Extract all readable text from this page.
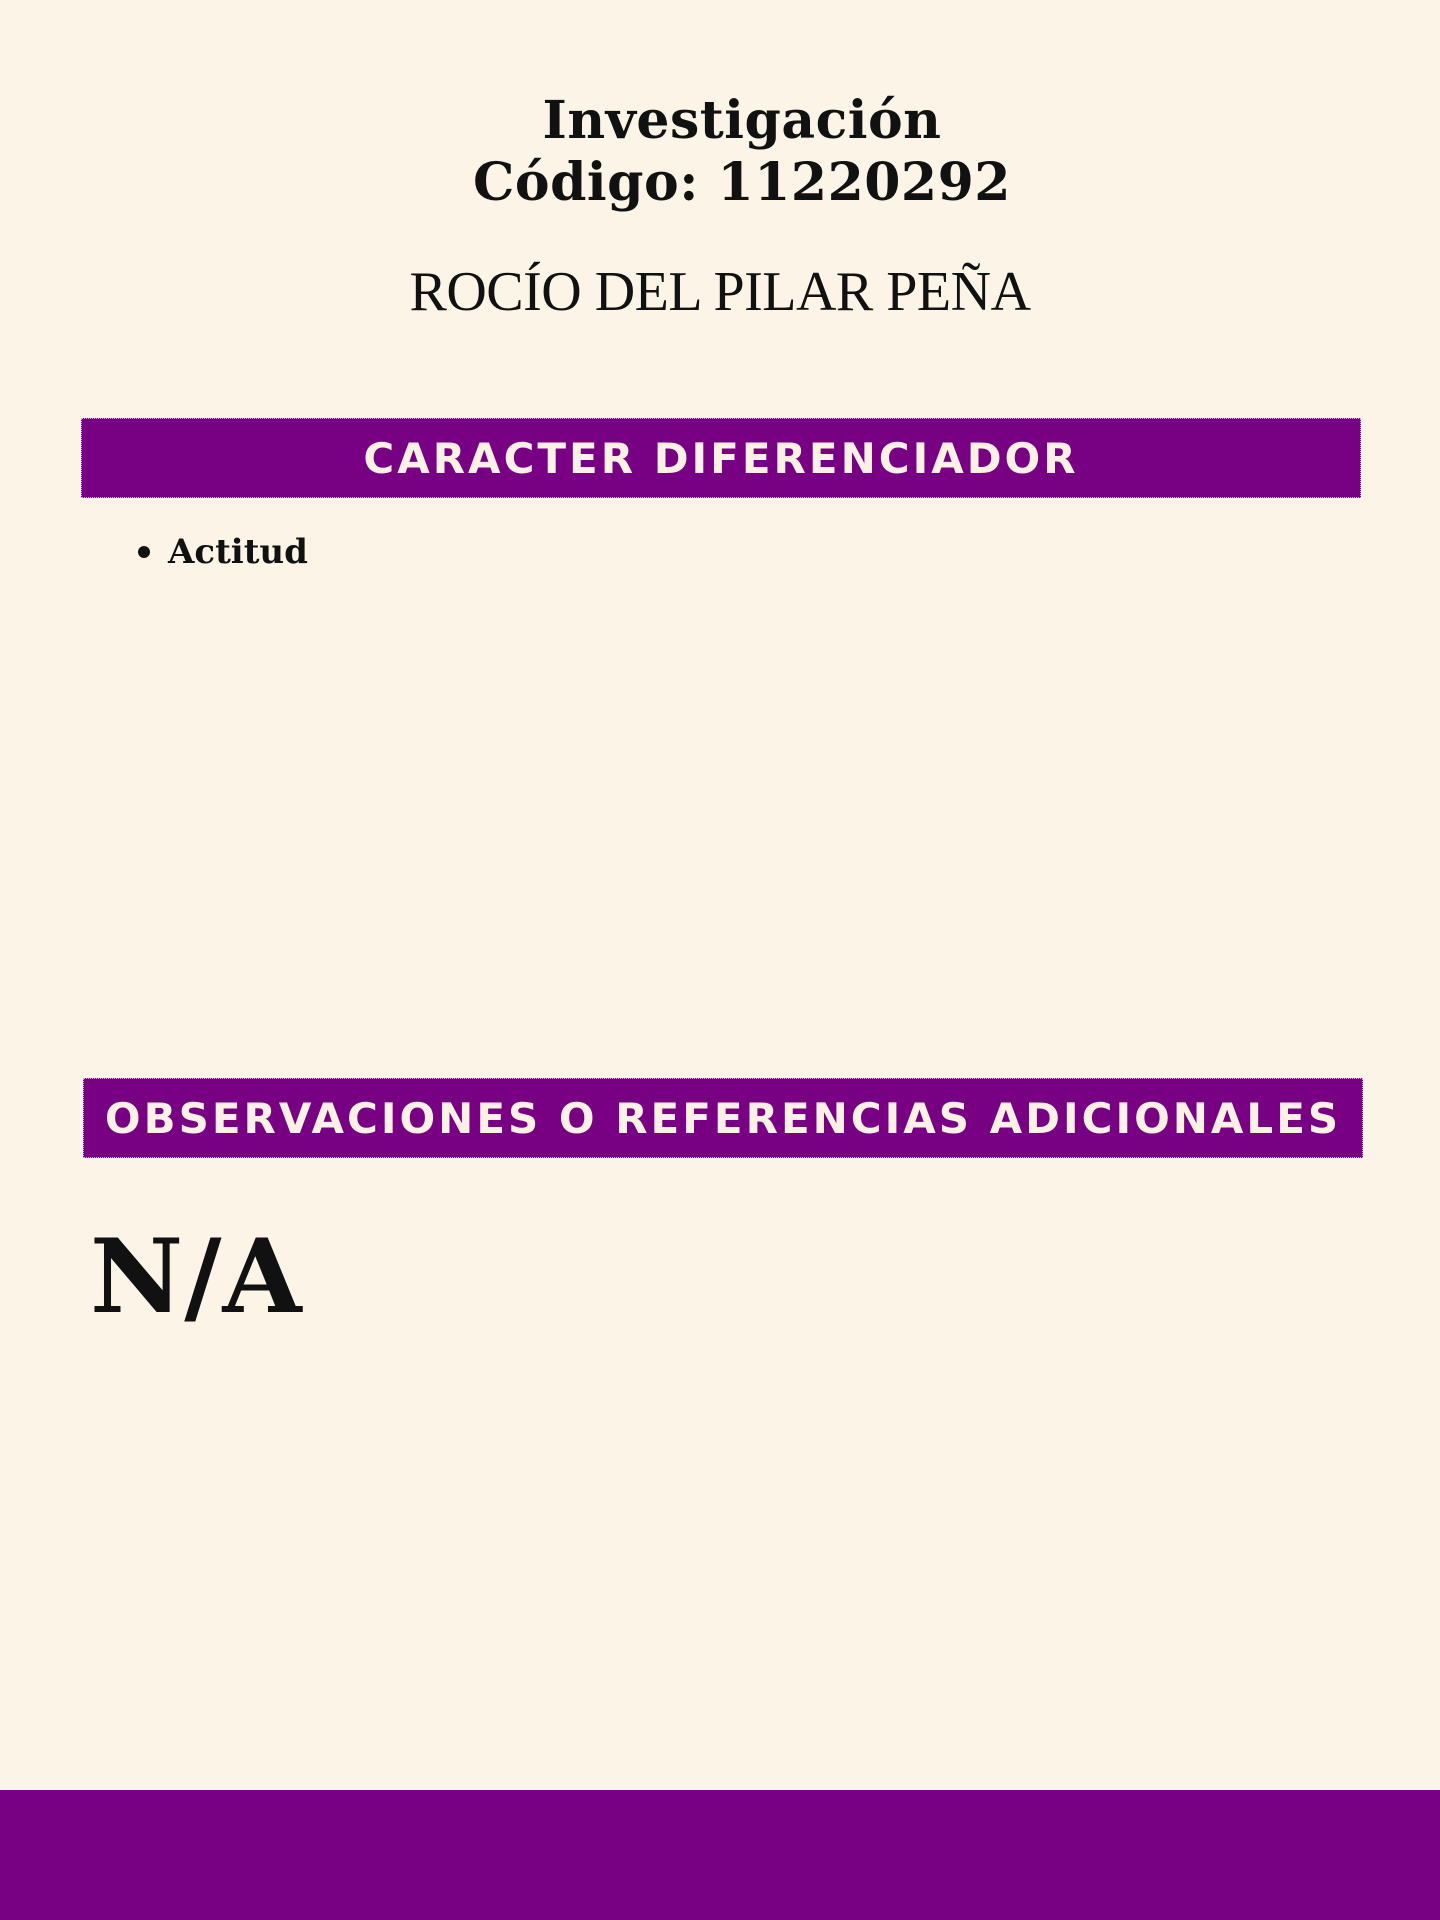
Investigación
Código: 11220292
ROCÍO DEL PILAR PEÑA
CARACTER DIFERENCIADOR
Actitud
OBSERVACIONES O REFERENCIAS ADICIONALES
N/A
